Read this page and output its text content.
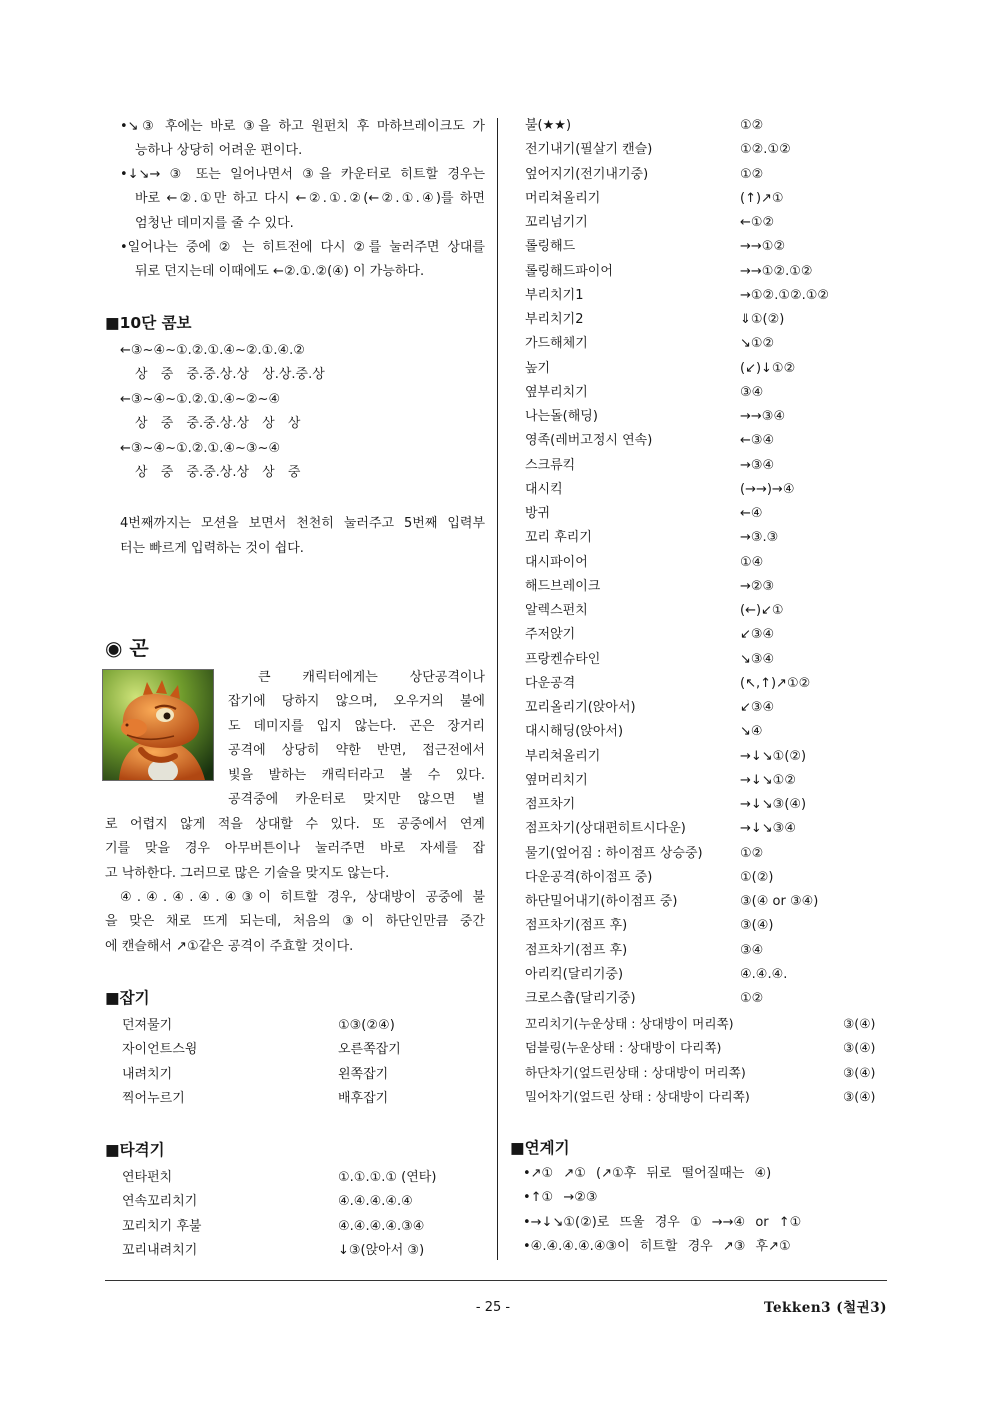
•↘③ 후에는 바로 ③을 하고 원펀치 후 마하브레이크도 가
능하나 상당히 어려운 편이다.
•↓↘→ ③ 또는 일어나면서 ③을 카운터로 히트할 경우는
바로 ←②.①만 하고 다시 ←②.①.②(←②.①.④)를 하면
엄청난 데미지를 줄 수 있다.
•일어나는 중에 ② 는 히트전에 다시 ②를 눌러주면 상대를
뒤로 던지는데 이때에도 ←②.①.②(④) 이 가능하다.
■10단 콤보
←③~④~①.②.①.④~②.①.④.②
상 중 중.중.상.상 상.상.중.상
←③~④~①.②.①.④~②~④
상 중 중.중.상.상 상 상
←③~④~①.②.①.④~③~④
상 중 중.중.상.상 상 중
4번째까지는 모션을 보면서 천천히 눌러주고 5번째 입력부
터는 빠르게 입력하는 것이 쉽다.
◉ 곤
큰 캐릭터에게는 상단공격이나
잡기에 당하지 않으며, 오우거의 불에
도 데미지를 입지 않는다. 곤은 장거리
공격에 상당히 약한 반면, 접근전에서
빛을 발하는 캐릭터라고 볼 수 있다.
공격중에 카운터로 맞지만 않으면 별
로 어렵지 않게 적을 상대할 수 있다. 또 공중에서 연계
기를 맞을 경우 아무버튼이나 눌러주면 바로 자세를 잡
고 낙하한다. 그러므로 많은 기술을 맞지도 않는다.
④.④.④.④.④③이 히트할 경우, 상대방이 공중에 불
을 맞은 채로 뜨게 되는데, 처음의 ③이 하단인만큼 중간
에 캔슬해서 ↗①같은 공격이 주효할 것이다.
■잡기
던져물기	①③(②④)
자이언트스윙	오른쪽잡기
내려치기	왼쪽잡기
찍어누르기	배후잡기
■타격기
연타펀치	①.①.①.① (연타)
연속꼬리치기	④.④.④.④.④
꼬리치기 후불	④.④.④.④.③④
꼬리내려치기	↓③(앉아서 ③)
불(★★)	①②
전기내기(필살기 캔슬)	①②.①②
엎어지기(전기내기중)	①②
머리쳐올리기	(↑)↗①
꼬리넘기기	←①②
롤링해드	→→①②
롤링해드파이어	→→①②.①②
부리치기1	→①②.①②.①②
부리치기2	⇓①(②)
가드해체기	↘①②
높기	(↙)↓①②
옆부리치기	③④
나는돌(해딩)	→→③④
영족(레버고정시 연속)	←③④
스크류킥	→③④
대시킥	(→→)→④
방귀	←④
꼬리 후리기	→③.③
대시파이어	①④
해드브레이크	→②③
알렉스펀치	(←)↙①
주저앉기	↙③④
프랑켄슈타인	↘③④
다운공격	(↖,↑)↗①②
꼬리올리기(앉아서)	↙③④
대시해딩(앉아서)	↘④
부리쳐올리기	→↓↘①(②)
옆머리치기	→↓↘①②
점프차기	→↓↘③(④)
점프차기(상대편히트시다운)	→↓↘③④
물기(엎어짐 : 하이점프 상승중)	①②
다운공격(하이점프 중)	①(②)
하단밀어내기(하이점프 중)	③(④ or ③④)
점프차기(점프 후)	③(④)
점프차기(점프 후)	③④
아리킥(달리기중)	④.④.④.
크로스촙(달리기중)	①②
꼬리치기(누운상태 : 상대방이 머리쪽)	③(④)
덤블링(누운상태 : 상대방이 다리쪽)	③(④)
하단차기(엎드린상태 : 상대방이 머리쪽)	③(④)
밀어차기(엎드린 상태 : 상대방이 다리쪽)	③(④)
■연계기
•↗① ↗① (↗①후 뒤로 떨어질때는 ④)
•↑① →②③
•→↓↘①(②)로 뜨울 경우 ① →→④ or ↑①
•④.④.④.④.④③이 히트할 경우 ↗③ 후↗①
- 25 -	Tekken3 (철권3)
